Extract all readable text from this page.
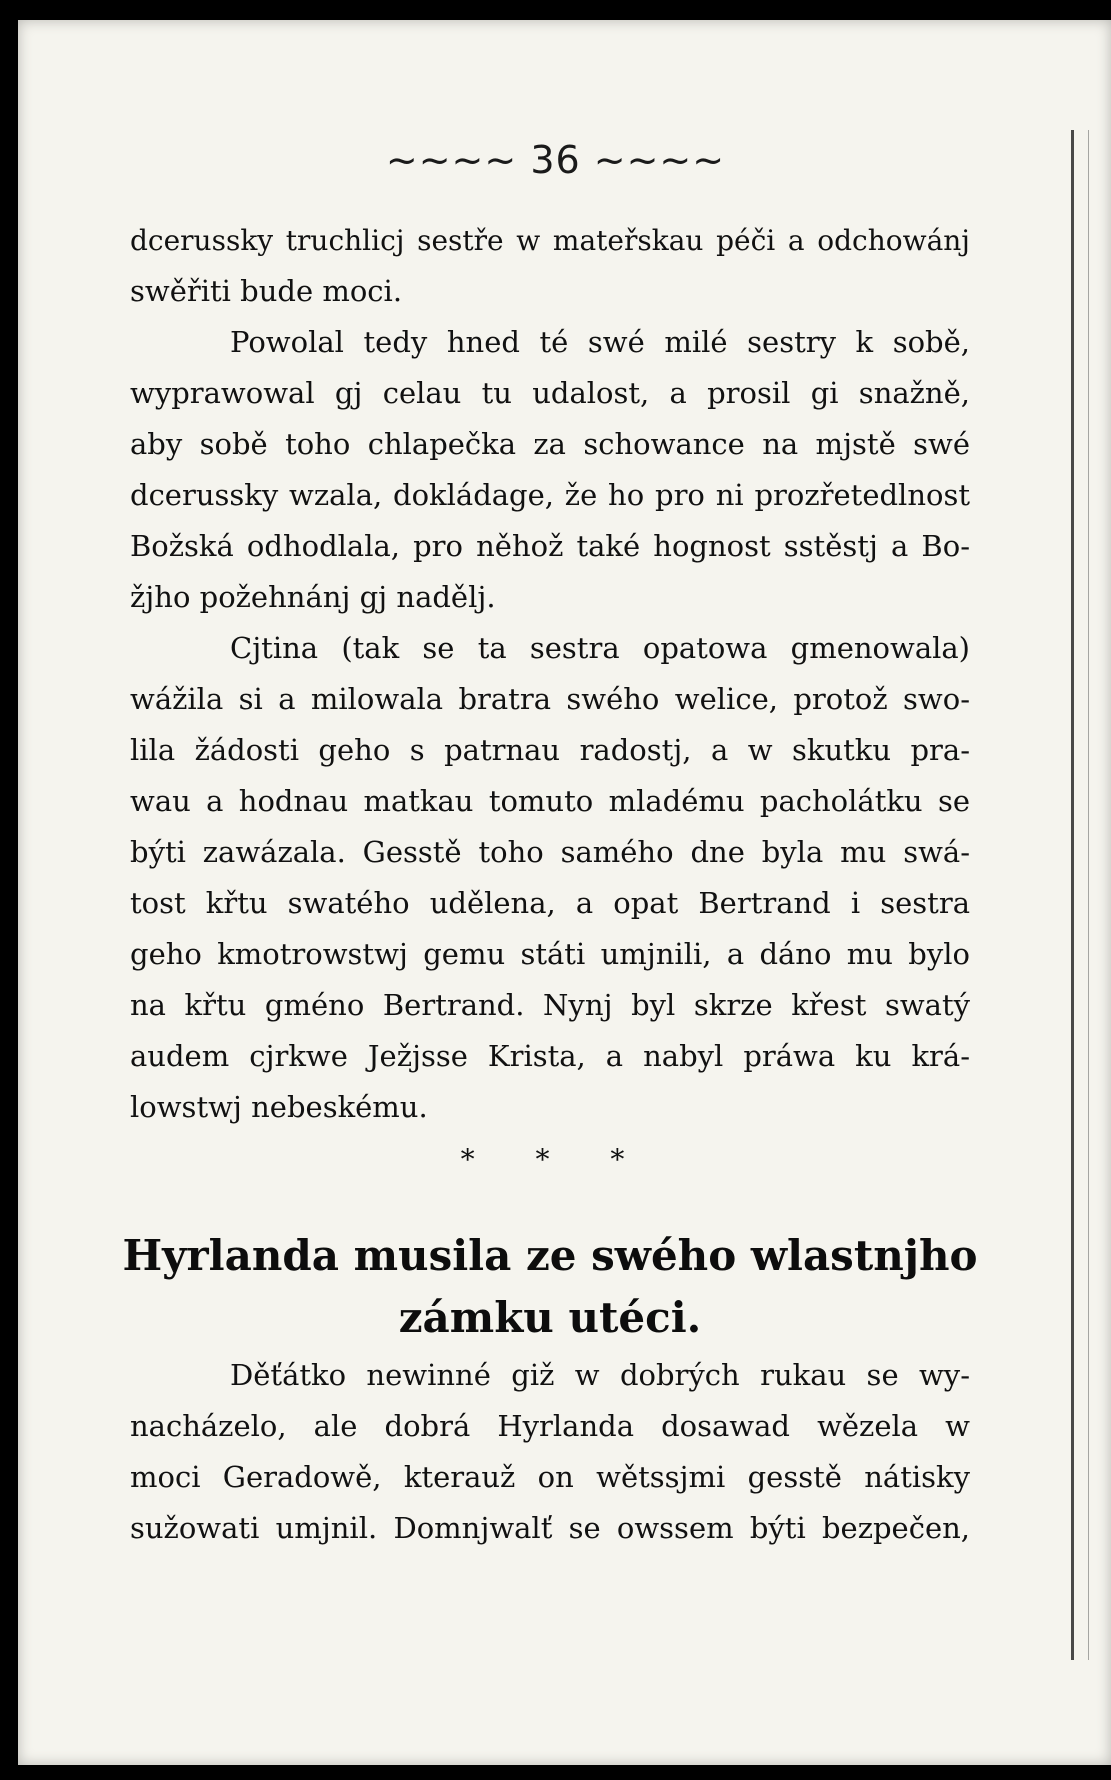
~~~~ 36 ~~~~
dcerussky truchlicj sestře w mateřskau péči a odchowánj
swěřiti bude moci.
Powolal tedy hned té swé milé sestry k sobě,
wyprawowal gj celau tu udalost, a prosil gi snažně,
aby sobě toho chlapečka za schowance na mjstě swé
dcerussky wzala, dokládage, že ho pro ni prozřetedlnost
Božská odhodlala, pro něhož také hognost sstěstj a Bo-
žjho požehnánj gj nadělj.
Cjtina (tak se ta sestra opatowa gmenowala)
wážila si a milowala bratra swého welice, protož swo-
lila žádosti geho s patrnau radostj, a w skutku pra-
wau a hodnau matkau tomuto mladému pacholátku se
býti zawázala. Gesstě toho samého dne byla mu swá-
tost křtu swatého udělena, a opat Bertrand i sestra
geho kmotrowstwj gemu státi umjnili, a dáno mu bylo
na křtu gméno Bertrand. Nynj byl skrze křest swatý
audem cjrkwe Ježjsse Krista, a nabyl práwa ku krá-
lowstwj nebeskému.
* * *
Hyrlanda musila ze swého wlastnjho
zámku utéci.
Děťátko newinné giž w dobrých rukau se wy-
nacházelo, ale dobrá Hyrlanda dosawad wězela w
moci Geradowě, kterauž on wětssjmi gesstě nátisky
sužowati umjnil. Domnjwalť se owssem býti bezpečen,
